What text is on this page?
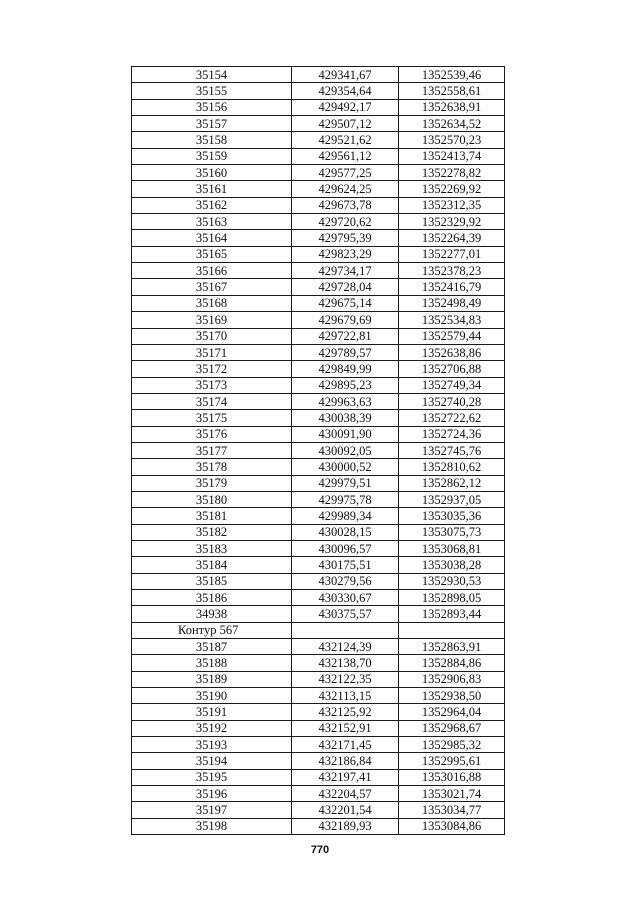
35154	429341,67	1352539,46
35155	429354,64	1352558,61
35156	429492,17	1352638,91
35157	429507,12	1352634,52
35158	429521,62	1352570,23
35159	429561,12	1352413,74
35160	429577,25	1352278,82
35161	429624,25	1352269,92
35162	429673,78	1352312,35
35163	429720,62	1352329,92
35164	429795,39	1352264,39
35165	429823,29	1352277,01
35166	429734,17	1352378,23
35167	429728,04	1352416,79
35168	429675,14	1352498,49
35169	429679,69	1352534,83
35170	429722,81	1352579,44
35171	429789,57	1352638,86
35172	429849,99	1352706,88
35173	429895,23	1352749,34
35174	429963,63	1352740,28
35175	430038,39	1352722,62
35176	430091,90	1352724,36
35177	430092,05	1352745,76
35178	430000,52	1352810,62
35179	429979,51	1352862,12
35180	429975,78	1352937,05
35181	429989,34	1353035,36
35182	430028,15	1353075,73
35183	430096,57	1353068,81
35184	430175,51	1353038,28
35185	430279,56	1352930,53
35186	430330,67	1352898,05
34938	430375,57	1352893,44
Контур 567		
35187	432124,39	1352863,91
35188	432138,70	1352884,86
35189	432122,35	1352906,83
35190	432113,15	1352938,50
35191	432125,92	1352964,04
35192	432152,91	1352968,67
35193	432171,45	1352985,32
35194	432186,84	1352995,61
35195	432197,41	1353016,88
35196	432204,57	1353021,74
35197	432201,54	1353034,77
35198	432189,93	1353084,86
770
